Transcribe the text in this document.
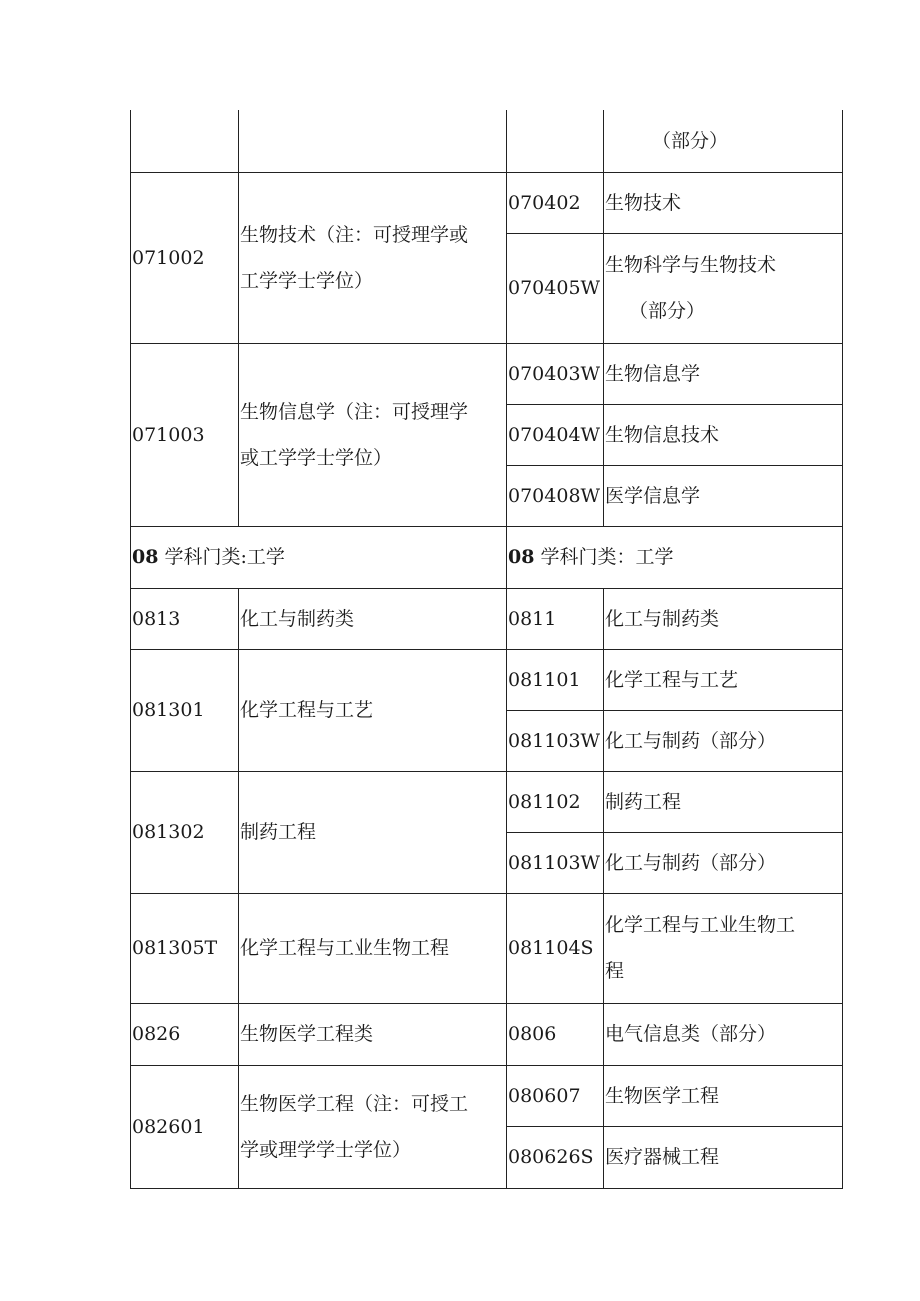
			（部分）

071002	生物技术（注：可授理学或
工学学士学位）	070402	生物技术
		070405W	生物科学与生物技术
（部分）

071003	生物信息学（注：可授理学
或工学学士学位）	070403W	生物信息学
		070404W	生物信息技术
		070408W	医学信息学
08 学科门类:工学		08 学科门类：工学	
0813	化工与制药类	0811	化工与制药类
081301	化学工程与工艺	081101	化学工程与工艺
		081103W	化工与制药（部分）
081302	制药工程	081102	制药工程
		081103W	化工与制药（部分）
081305T	化学工程与工业生物工程	081104S	化学工程与工业生物工
程

0826	生物医学工程类	0806	电气信息类（部分）
082601	生物医学工程（注：可授工
学或理学学士学位）	080607	生物医学工程
		080626S	医疗器械工程
